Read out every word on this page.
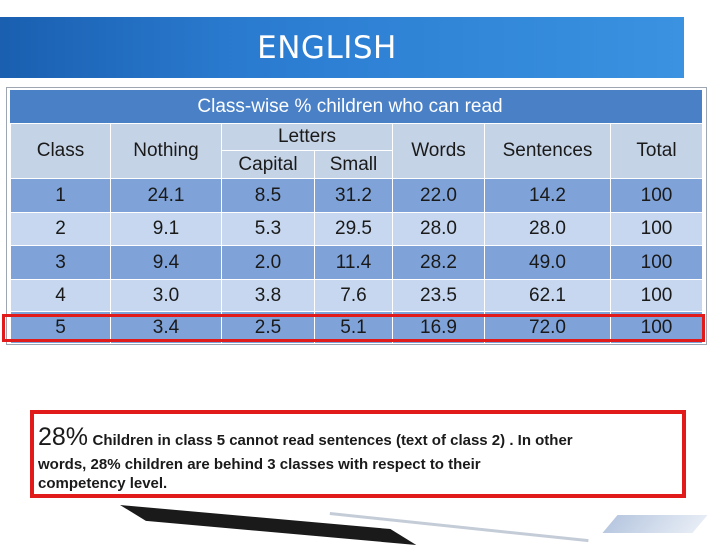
ENGLISH
Class-wise % children who can read
Class	Nothing	Letters		Words	Sentences	Total
		Capital	Small			
1	24.1	8.5	31.2	22.0	14.2	100
2	9.1	5.3	29.5	28.0	28.0	100
3	9.4	2.0	11.4	28.2	49.0	100
4	3.0	3.8	7.6	23.5	62.1	100
5	3.4	2.5	5.1	16.9	72.0	100
28% Children in class 5 cannot read sentences (text of class 2) . In other
words, 28% children are behind 3 classes with respect to their
competency level.
